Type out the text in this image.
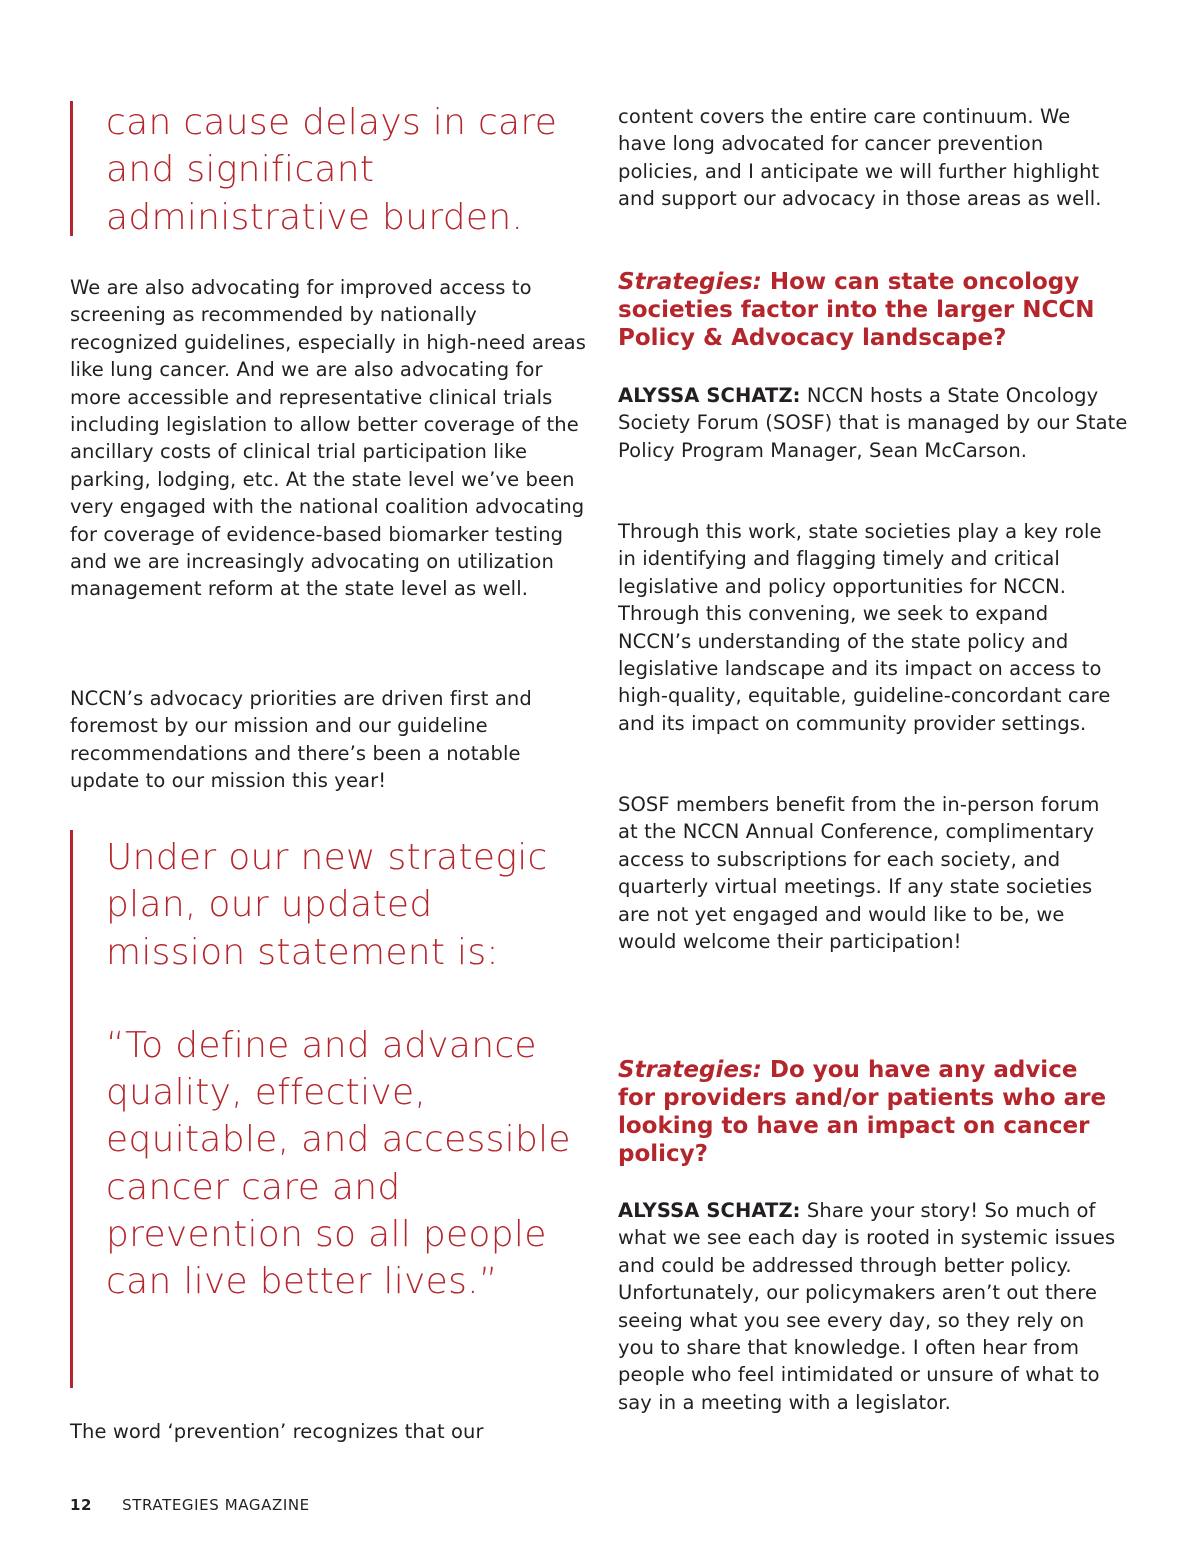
can cause delays in care and significant administrative burden.

We are also advocating for improved access to screening as recommended by nationally recognized guidelines, especially in high-need areas like lung cancer. And we are also advocating for more accessible and representative clinical trials including legislation to allow better coverage of the ancillary costs of clinical trial participation like parking, lodging, etc. At the state level we’ve been very engaged with the national coalition advocating for coverage of evidence-based biomarker testing and we are increasingly advocating on utilization management reform at the state level as well.

NCCN’s advocacy priorities are driven first and foremost by our mission and our guideline recommendations and there’s been a notable update to our mission this year!

Under our new strategic plan, our updated mission statement is:

“To define and advance quality, effective, equitable, and accessible cancer care and prevention so all people can live better lives.”

The word ‘prevention’ recognizes that our

content covers the entire care continuum. We have long advocated for cancer prevention policies, and I anticipate we will further highlight and support our advocacy in those areas as well.

Strategies: How can state oncology societies factor into the larger NCCN Policy & Advocacy landscape?

ALYSSA SCHATZ: NCCN hosts a State Oncology Society Forum (SOSF) that is managed by our State Policy Program Manager, Sean McCarson.

Through this work, state societies play a key role in identifying and flagging timely and critical legislative and policy opportunities for NCCN. Through this convening, we seek to expand NCCN’s understanding of the state policy and legislative landscape and its impact on access to high-quality, equitable, guideline-concordant care and its impact on community provider settings.

SOSF members benefit from the in-person forum at the NCCN Annual Conference, complimentary access to subscriptions for each society, and quarterly virtual meetings. If any state societies are not yet engaged and would like to be, we would welcome their participation!

Strategies: Do you have any advice for providers and/or patients who are looking to have an impact on cancer policy?

ALYSSA SCHATZ: Share your story! So much of what we see each day is rooted in systemic issues and could be addressed through better policy. Unfortunately, our policymakers aren’t out there seeing what you see every day, so they rely on you to share that knowledge. I often hear from people who feel intimidated or unsure of what to say in a meeting with a legislator.

12 STRATEGIES MAGAZINE
